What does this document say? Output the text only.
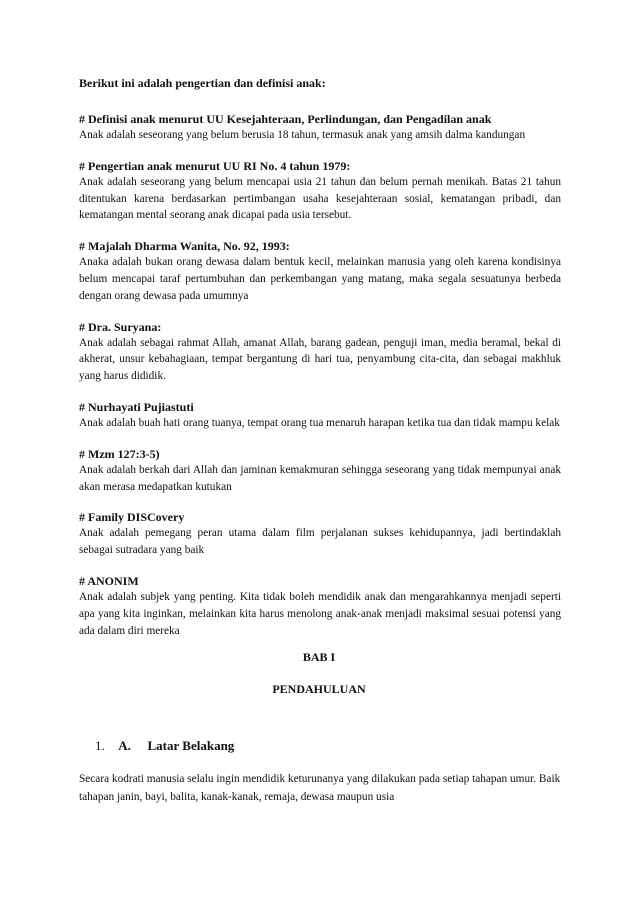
Berikut ini adalah pengertian dan definisi anak:

# Definisi anak menurut UU Kesejahteraan, Perlindungan, dan Pengadilan anak

Anak adalah seseorang yang belum berusia 18 tahun, termasuk anak yang amsih dalma kandungan

# Pengertian anak menurut UU RI No. 4 tahun 1979:

Anak adalah seseorang yang belum mencapai usia 21 tahun dan belum pernah menikah. Batas 21 tahun ditentukan karena berdasarkan pertimbangan usaha kesejahteraan sosial, kematangan pribadi, dan kematangan mental seorang anak dicapai pada usia tersebut.

# Majalah Dharma Wanita, No. 92, 1993:

Anaka adalah bukan orang dewasa dalam bentuk kecil, melainkan manusia yang oleh karena kondisinya belum mencapai taraf pertumbuhan dan perkembangan yang matang, maka segala sesuatunya berbeda dengan orang dewasa pada umumnya

# Dra. Suryana:

Anak adalah sebagai rahmat Allah, amanat Allah, barang gadean, penguji iman, media beramal, bekal di akherat, unsur kebahagiaan, tempat bergantung di hari tua, penyambung cita-cita, dan sebagai makhluk yang harus dididik.

# Nurhayati Pujiastuti

Anak adalah buah hati orang tuanya, tempat orang tua menaruh harapan ketika tua dan tidak mampu kelak

# Mzm 127:3-5)

Anak adalah berkah dari Allah dan jaminan kemakmuran sehingga seseorang yang tidak mempunyai anak akan merasa medapatkan kutukan

# Family DISCovery

Anak adalah pemegang peran utama dalam film perjalanan sukses kehidupannya, jadi bertindaklah sebagai sutradara yang baik

# ANONIM

Anak adalah subjek yang penting. Kita tidak boleh mendidik anak dan mengarahkannya menjadi seperti apa yang kita inginkan, melainkan kita harus menolong anak-anak menjadi maksimal sesuai potensi yang ada dalam diri mereka

BAB I
PENDAHULUAN
1. A. Latar Belakang

Secara kodrati manusia selalu ingin mendidik keturunanya yang dilakukan pada setiap tahapan umur. Baik tahapan janin, bayi, balita, kanak-kanak, remaja, dewasa maupun usia
